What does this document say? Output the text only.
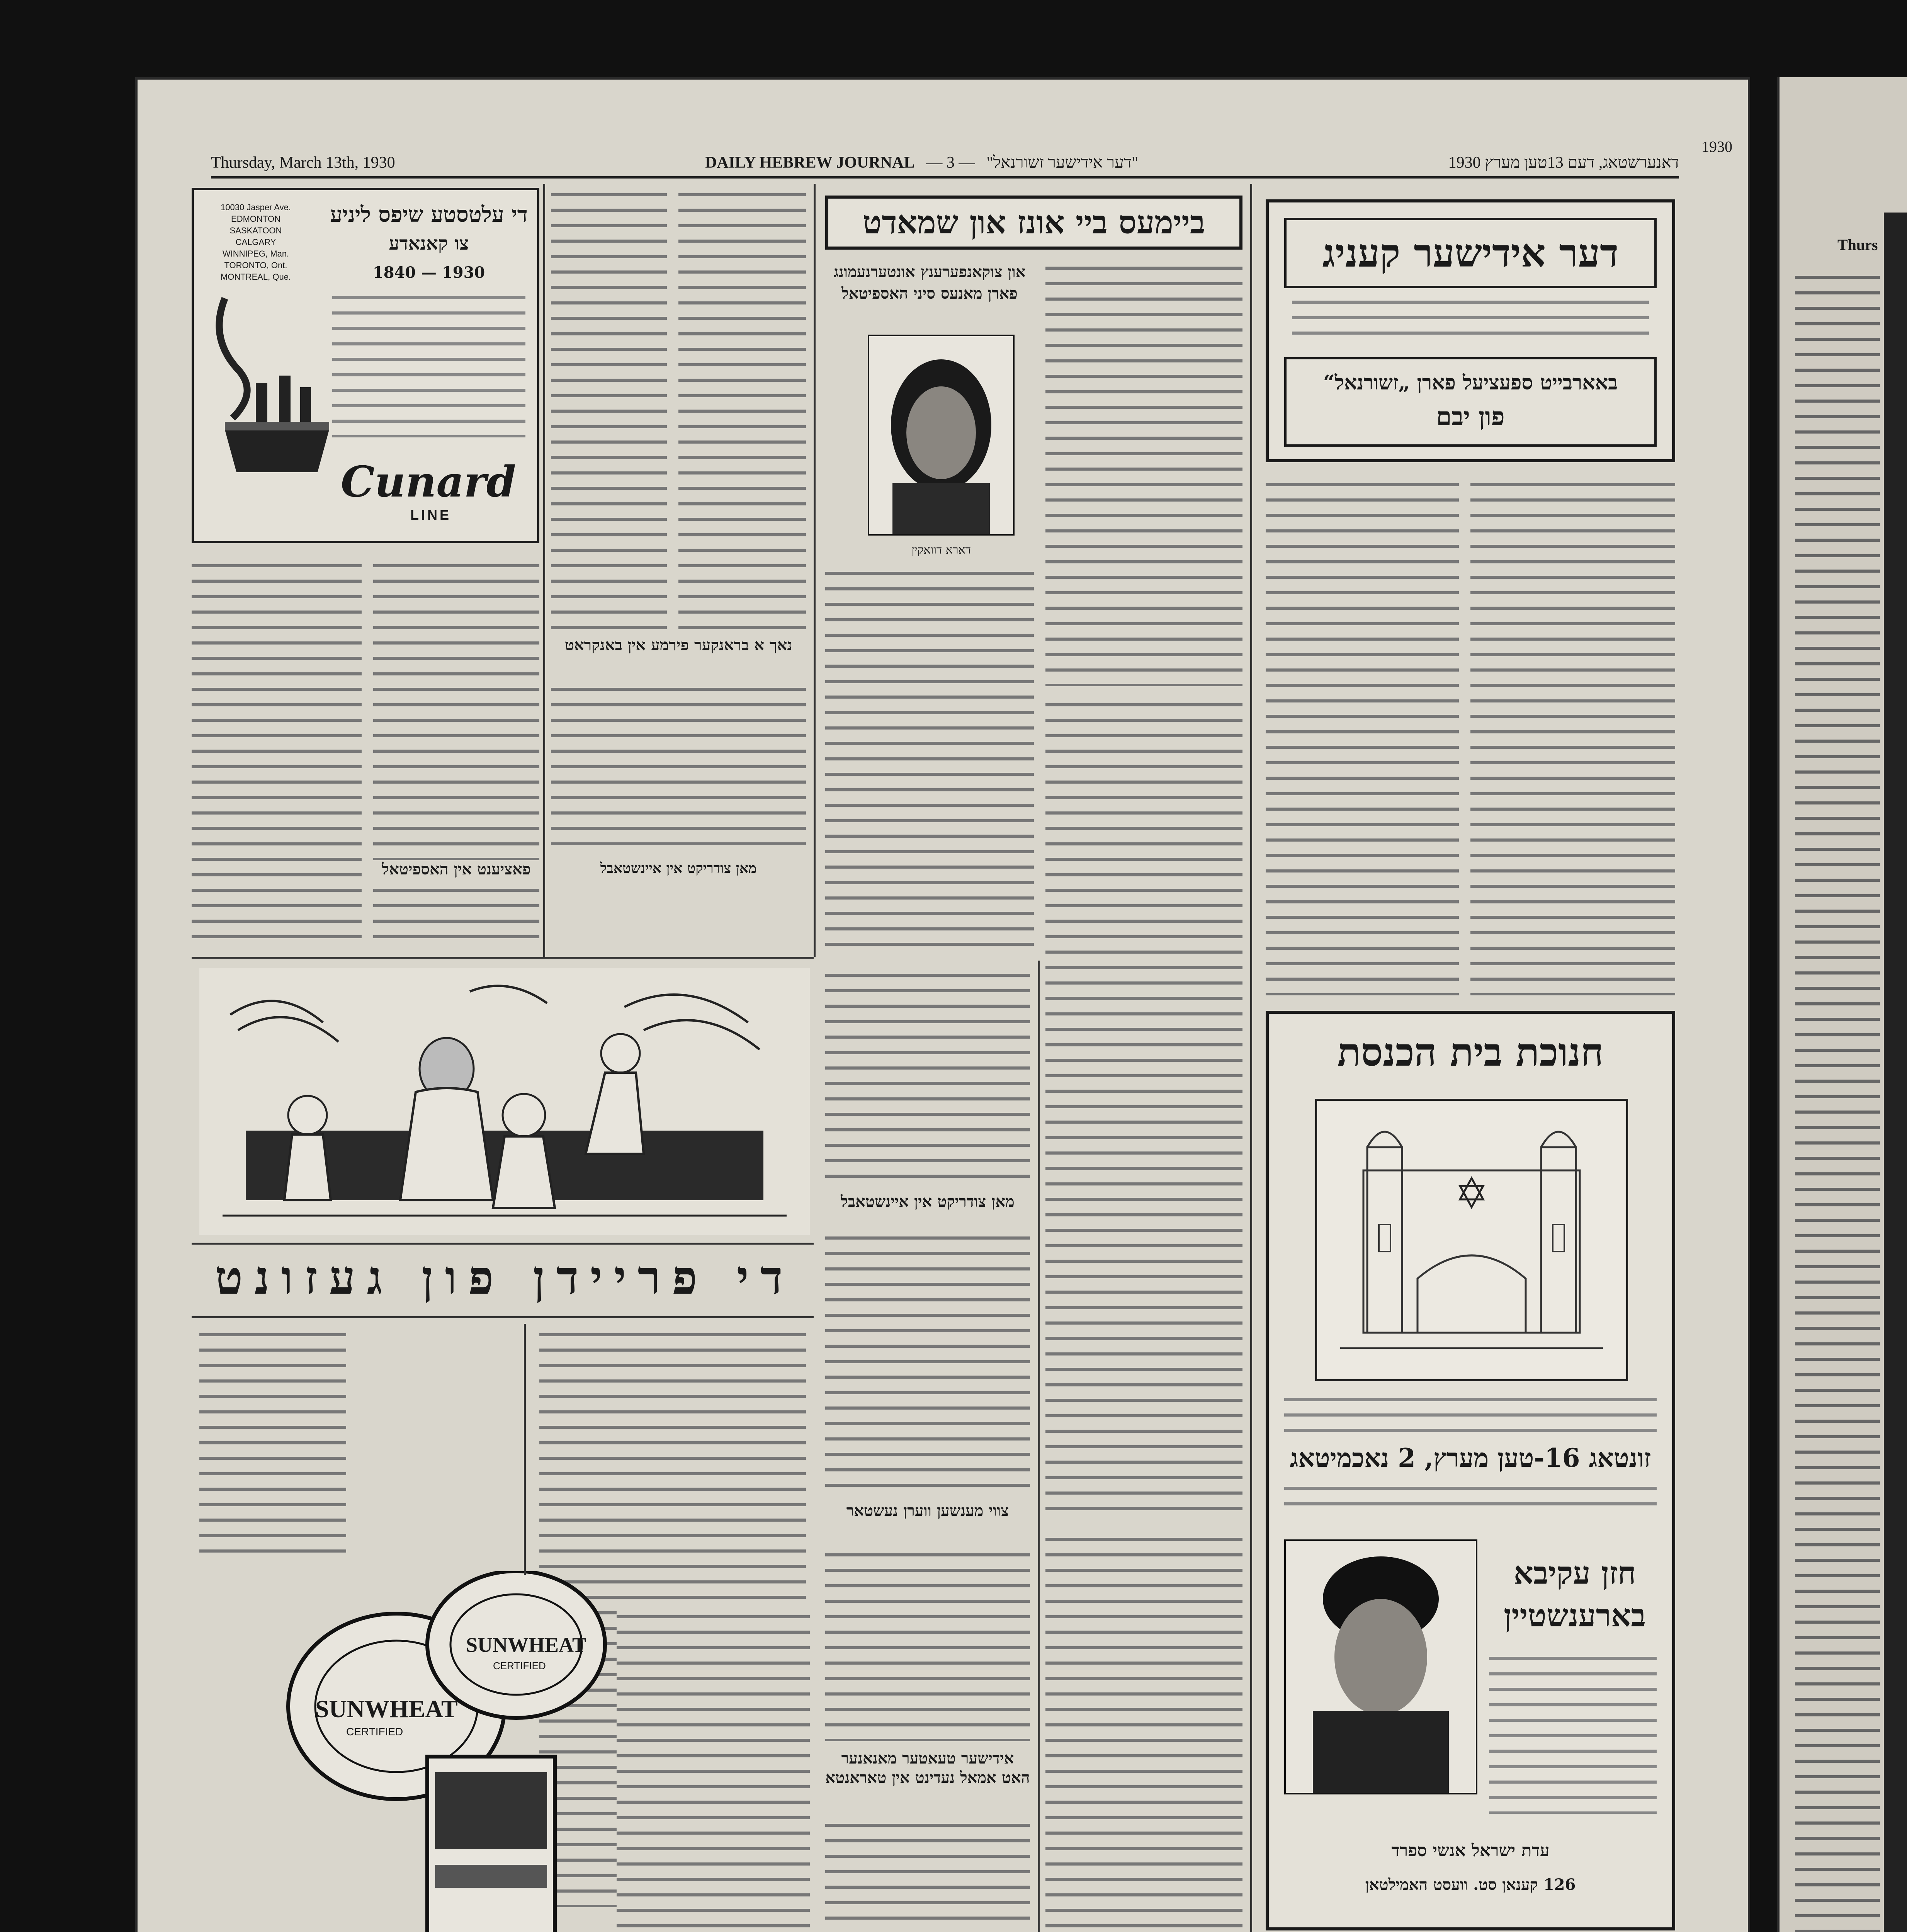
Thursday, March 13th, 1930	DAILY HEBREW JOURNAL — 3 — "דער אידישער זשורנאל"	דאנערשטאג, דעם 13טען מערץ 1930
די עלטסטע שיפס ליניע
צו קאנאדע
1930 — 1840
10030 Jasper Ave. EDMONTON
SASKATOON
CALGARY
WINNIPEG, Man.
TORONTO, Ont.
MONTREAL, Que.
Cunard
LINE
פאציענט אין האספיטאל
נאך א בראנקער פירמע אין באנקראט
מאן צודריקט אין איינשטאבל
ביימעס ביי אונז און שמאדט
און צוקאנפערענץ אונטערנעמונג פארן מאנעס סיני האספיטאל
דארא דוואקין
מאן צודריקט אין איינשטאבל
צווי מענשען ווערן נעשטאר
אידישער טעאטער מאנאנער האט אמאל נעדינט אין טאראנטא
דער אידישער קעניג
באארבייט ספעציעל פארן „זשורנאל“
פון יבם
חנוכת בית הכנסת
זונטאג 16-טען מערץ, 2 נאכמיטאג
חזן עקיבא
בארענשטיין
עדת ישראל אנשי ספרד
126 קענאן סט. וועסט האמילטאן
די פריידן פון געזונט
SUNWHEAT
CERTIFIED
SUNWHEAT
CERTIFIED
1930
Thurs
